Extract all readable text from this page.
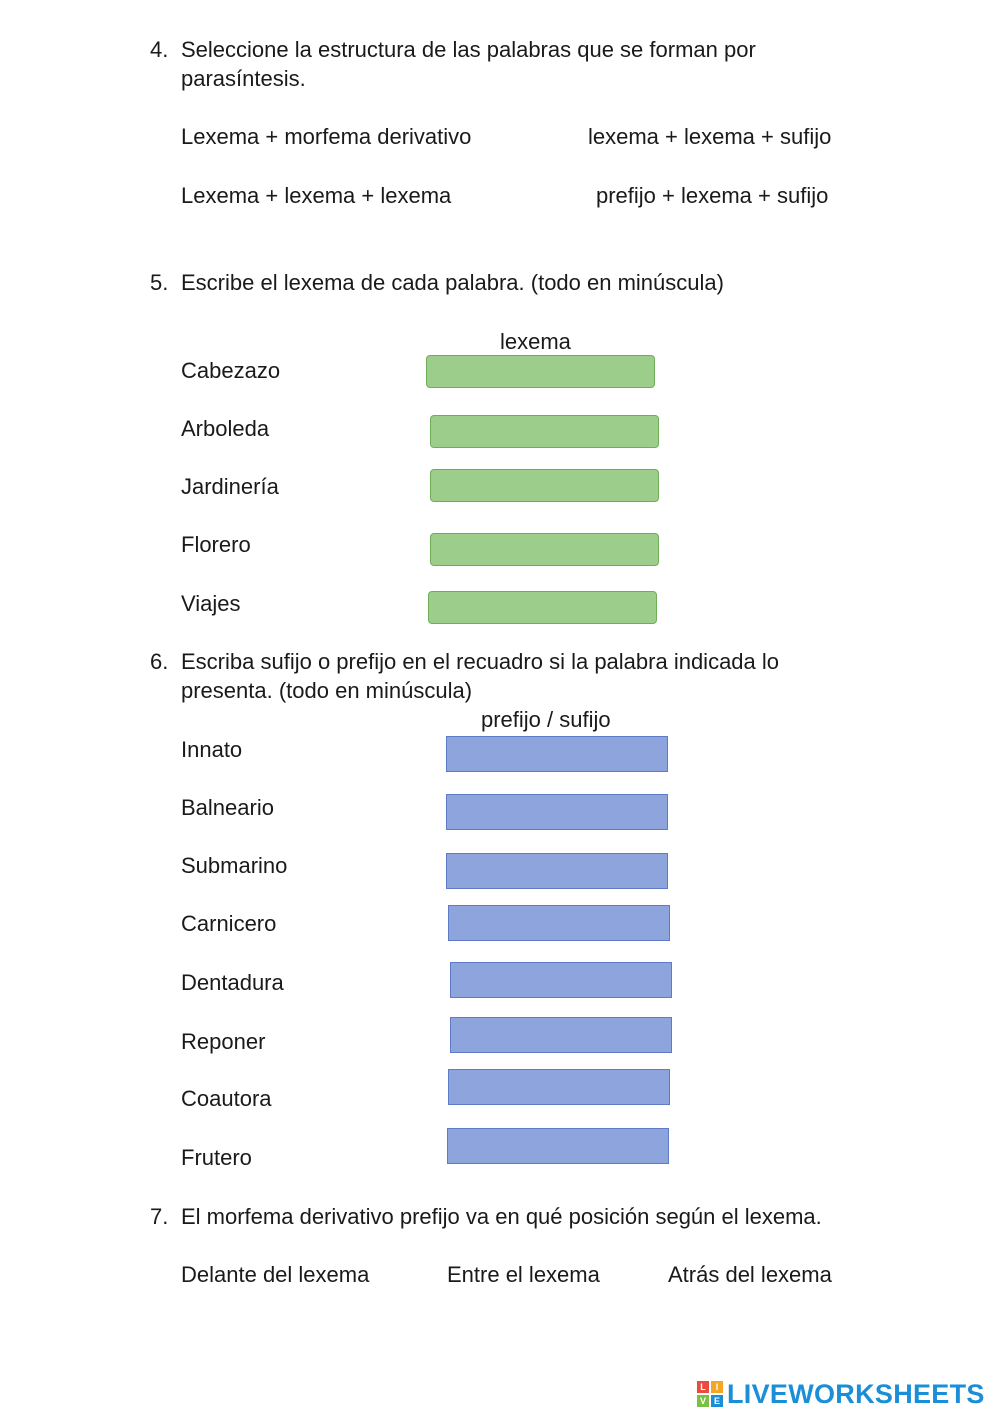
4. Seleccione la estructura de las palabras que se forman por
parasíntesis.
Lexema + morfema derivativo	lexema + lexema + sufijo
Lexema + lexema + lexema	prefijo + lexema + sufijo
5. Escribe el lexema de cada palabra. (todo en minúscula)
lexema
Cabezazo
Arboleda
Jardinería
Florero
Viajes
6. Escriba sufijo o prefijo en el recuadro si la palabra indicada lo
presenta. (todo en minúscula)
prefijo / sufijo
Innato
Balneario
Submarino
Carnicero
Dentadura
Reponer
Coautora
Frutero
7. El morfema derivativo prefijo va en qué posición según el lexema.
Delante del lexema	Entre el lexema	Atrás del lexema
L	I
V E LIVEWORKSHEETS
